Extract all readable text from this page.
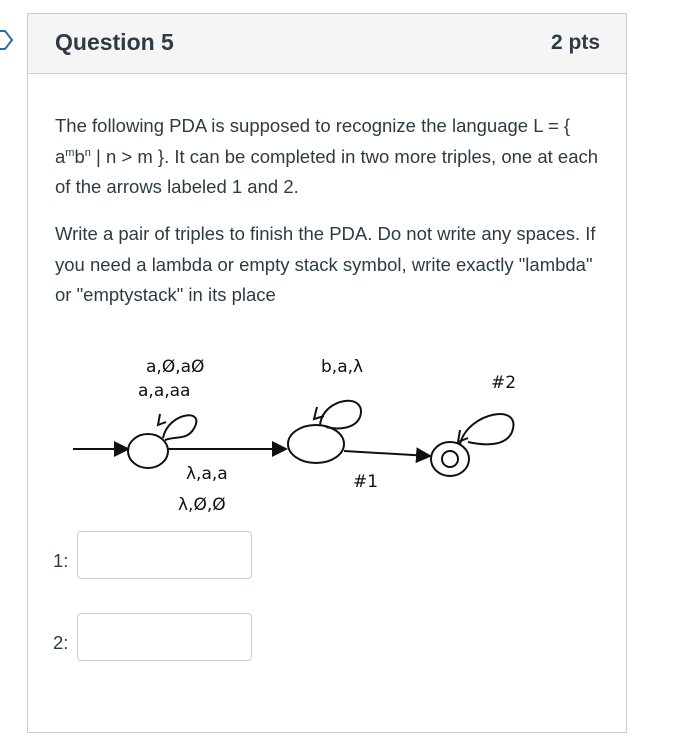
Question 5	2 pts
The following PDA is supposed to recognize the language L = { $a^mb^n$ | n > m }. It can be completed in two more triples, one at each of the arrows labeled 1 and 2.
Write a pair of triples to finish the PDA. Do not write any spaces. If you need a lambda or empty stack symbol, write exactly "lambda" or "emptystack" in its place
a,Ø,aØ
a,a,aa
b,a,λ
#2
λ,a,a
λ,Ø,Ø
#1
1:
2:
